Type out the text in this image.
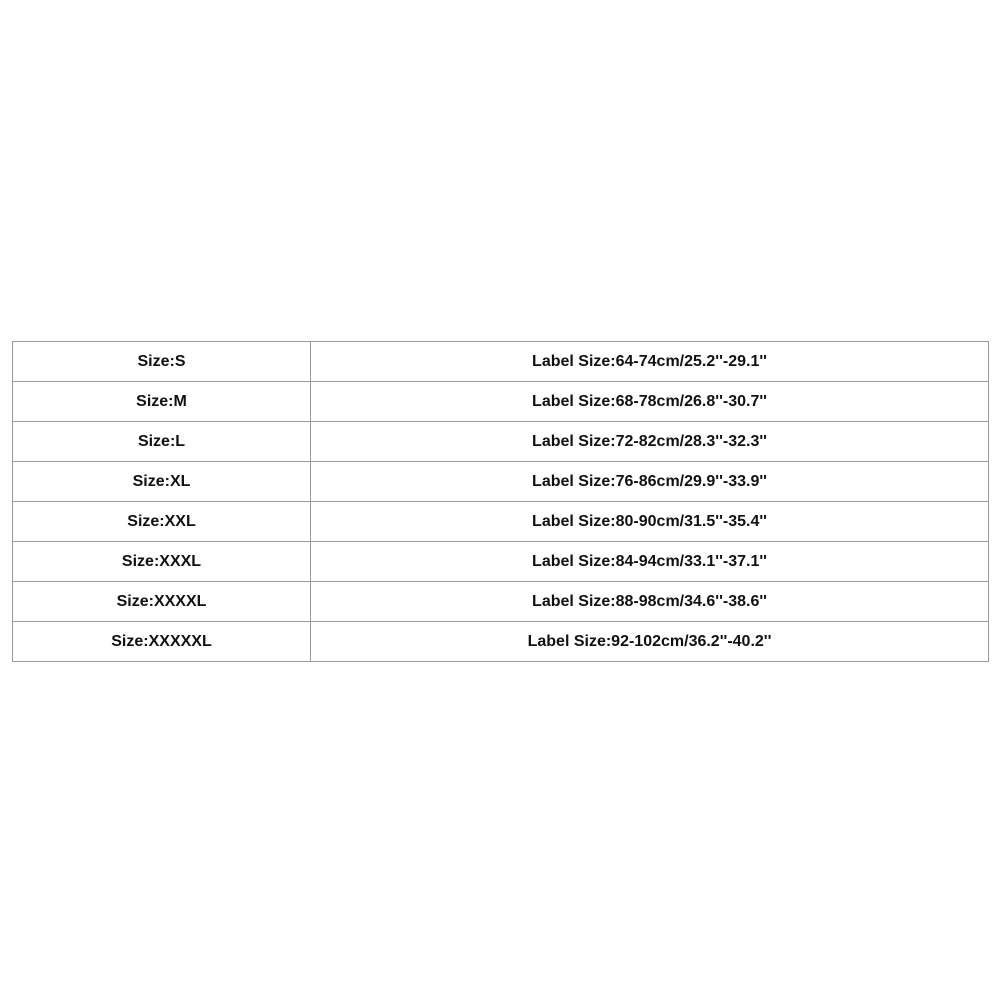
Size:S	Label Size:64-74cm/25.2''-29.1''
Size:M	Label Size:68-78cm/26.8''-30.7''
Size:L	Label Size:72-82cm/28.3''-32.3''
Size:XL	Label Size:76-86cm/29.9''-33.9''
Size:XXL	Label Size:80-90cm/31.5''-35.4''
Size:XXXL	Label Size:84-94cm/33.1''-37.1''
Size:XXXXL	Label Size:88-98cm/34.6''-38.6''
Size:XXXXXL	Label Size:92-102cm/36.2''-40.2''
